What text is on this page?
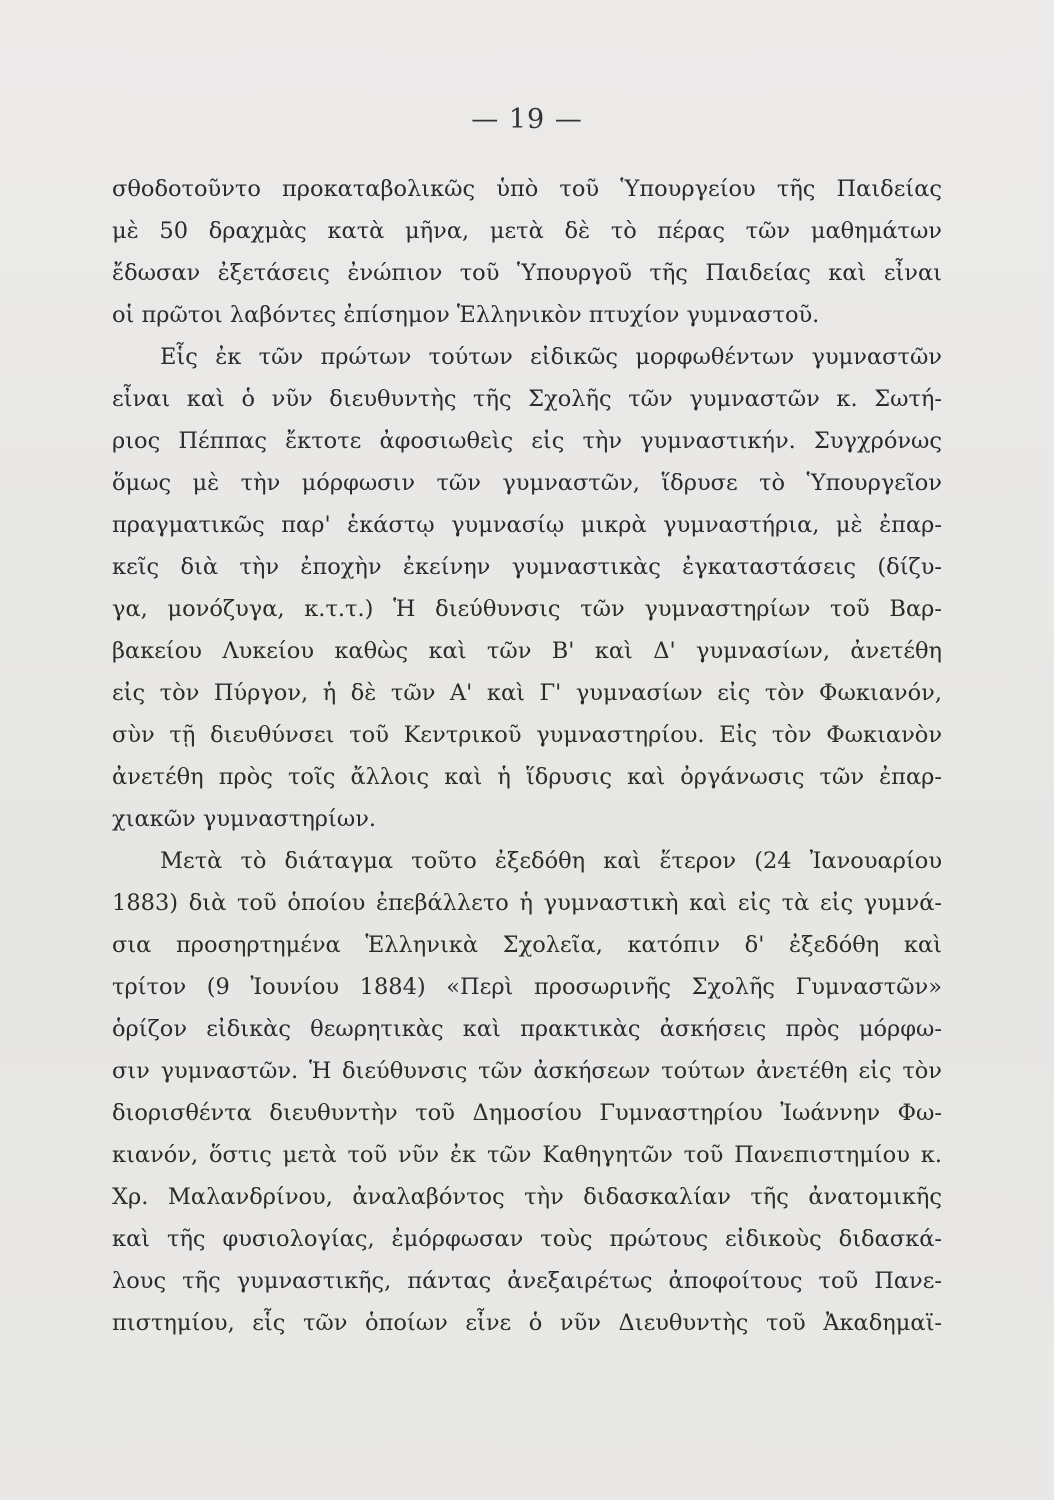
— 19 —
σθοδοτοῦντο προκαταβολικῶς ὑπὸ τοῦ Ὑπουργείου τῆς Παιδείας
μὲ 50 δραχμὰς κατὰ μῆνα, μετὰ δὲ τὸ πέρας τῶν μαθημάτων
ἔδωσαν ἐξετάσεις ἐνώπιον τοῦ Ὑπουργοῦ τῆς Παιδείας καὶ εἶναι
οἱ πρῶτοι λαβόντες ἐπίσημον Ἑλληνικὸν πτυχίον γυμναστοῦ.
Εἷς ἐκ τῶν πρώτων τούτων εἰδικῶς μορφωθέντων γυμναστῶν
εἶναι καὶ ὁ νῦν διευθυντὴς τῆς Σχολῆς τῶν γυμναστῶν κ. Σωτή-
ριος Πέππας ἔκτοτε ἀφοσιωθεὶς εἰς τὴν γυμναστικήν. Συγχρόνως
ὅμως μὲ τὴν μόρφωσιν τῶν γυμναστῶν, ἵδρυσε τὸ Ὑπουργεῖον
πραγματικῶς παρ' ἑκάστῳ γυμνασίῳ μικρὰ γυμναστήρια, μὲ ἐπαρ-
κεῖς διὰ τὴν ἐποχὴν ἐκείνην γυμναστικὰς ἐγκαταστάσεις (δίζυ-
γα, μονόζυγα, κ.τ.τ.) Ἡ διεύθυνσις τῶν γυμναστηρίων τοῦ Βαρ-
βακείου Λυκείου καθὼς καὶ τῶν Β' καὶ Δ' γυμνασίων, ἀνετέθη
εἰς τὸν Πύργον, ἡ δὲ τῶν Α' καὶ Γ' γυμνασίων εἰς τὸν Φωκιανόν,
σὺν τῇ διευθύνσει τοῦ Κεντρικοῦ γυμναστηρίου. Εἰς τὸν Φωκιανὸν
ἀνετέθη πρὸς τοῖς ἄλλοις καὶ ἡ ἵδρυσις καὶ ὀργάνωσις τῶν ἐπαρ-
χιακῶν γυμναστηρίων.
Μετὰ τὸ διάταγμα τοῦτο ἐξεδόθη καὶ ἕτερον (24 Ἰανουαρίου
1883) διὰ τοῦ ὁποίου ἐπεβάλλετο ἡ γυμναστικὴ καὶ εἰς τὰ εἰς γυμνά-
σια προσηρτημένα Ἑλληνικὰ Σχολεῖα, κατόπιν δ' ἐξεδόθη καὶ
τρίτον (9 Ἰουνίου 1884) «Περὶ προσωρινῆς Σχολῆς Γυμναστῶν»
ὁρίζον εἰδικὰς θεωρητικὰς καὶ πρακτικὰς ἀσκήσεις πρὸς μόρφω-
σιν γυμναστῶν. Ἡ διεύθυνσις τῶν ἀσκήσεων τούτων ἀνετέθη εἰς τὸν
διορισθέντα διευθυντὴν τοῦ Δημοσίου Γυμναστηρίου Ἰωάννην Φω-
κιανόν, ὅστις μετὰ τοῦ νῦν ἐκ τῶν Καθηγητῶν τοῦ Πανεπιστημίου κ.
Χρ. Μαλανδρίνου, ἀναλαβόντος τὴν διδασκαλίαν τῆς ἀνατομικῆς
καὶ τῆς φυσιολογίας, ἐμόρφωσαν τοὺς πρώτους εἰδικοὺς διδασκά-
λους τῆς γυμναστικῆς, πάντας ἀνεξαιρέτως ἀποφοίτους τοῦ Πανε-
πιστημίου, εἷς τῶν ὁποίων εἶνε ὁ νῦν Διευθυντὴς τοῦ Ἀκαδημαϊ-
